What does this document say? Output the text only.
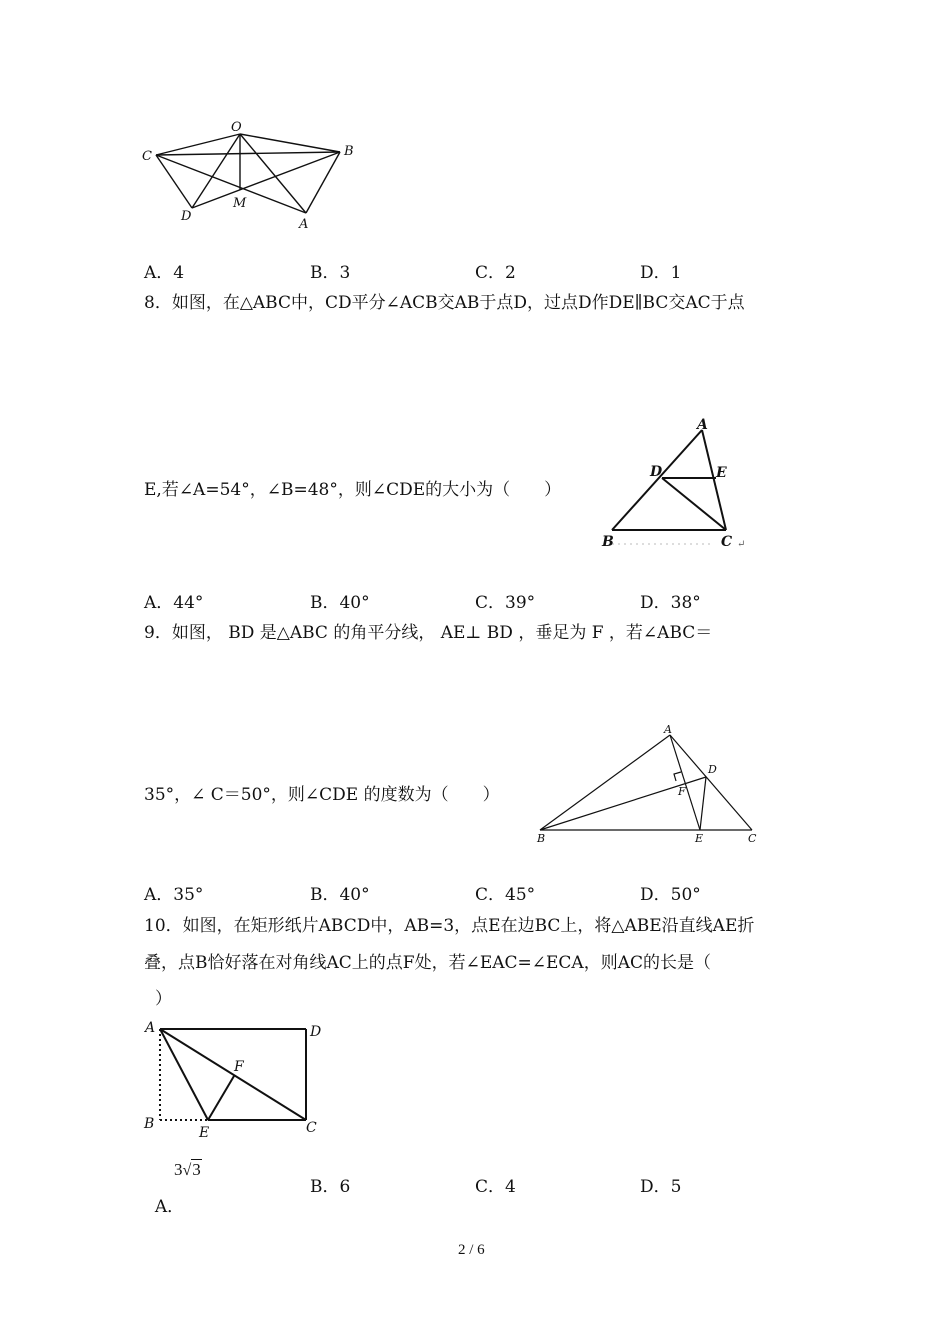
O
B
C
D
M
A
A．4	B．3	C．2	D．1
8．如图，在△ABC中，CD平分∠ACB交AB于点D，过点D作DE∥BC交AC于点
E,若∠A=54°，∠B=48°，则∠CDE的大小为（　　）
A
D	E
B	C ↵
A．44°	B．40°	C．39°	D．38°
9．如图， BD 是△ABC 的角平分线， AE⊥ BD ，垂足为 F ，若∠ABC＝
35°，∠ C＝50°，则∠CDE 的度数为（　　）
A
D
F
B	E	C
A．35°	B．40°	C．45°	D．50°
10．如图，在矩形纸片ABCD中，AB=3，点E在边BC上，将△ABE沿直线AE折
叠，点B恰好落在对角线AC上的点F处，若∠EAC=∠ECA，则AC的长是（
）
A	D
F
B
E	C

A．

3√3
B．6	C．4	D．5
2 / 6
